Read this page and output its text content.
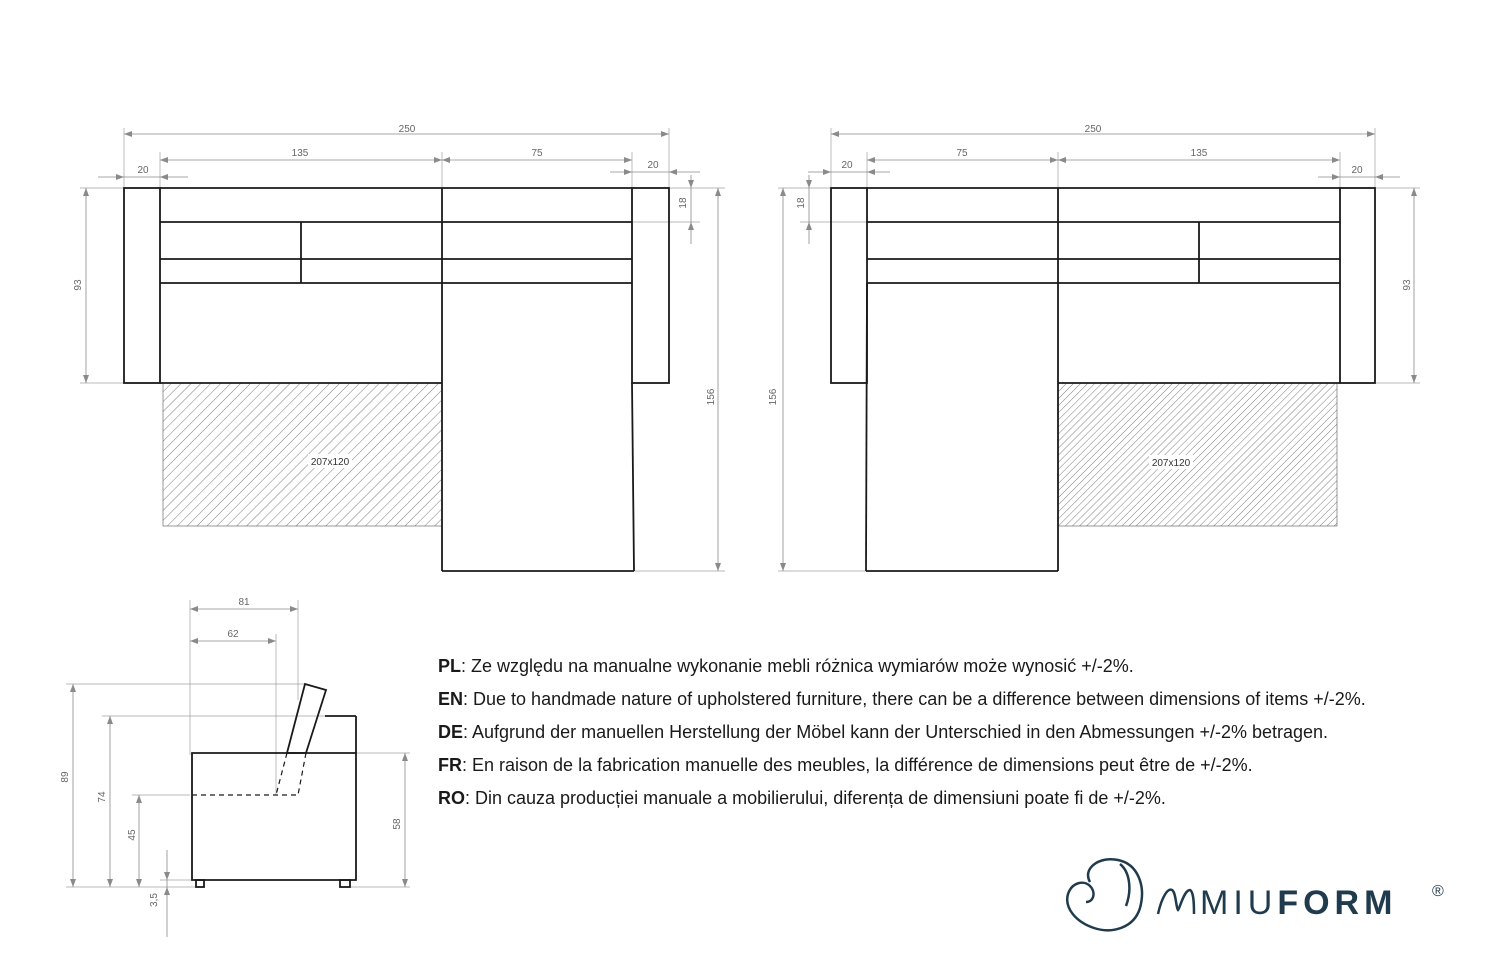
250
135	75
20	20
18
93
156
207x120
250
75	135
20	20
18
93
156
207x120
81
62
89
74
45
3,5
58
PL: Ze względu na manualne wykonanie mebli różnica wymiarów może wynosić +/-2%.
EN: Due to handmade nature of upholstered furniture, there can be a difference between dimensions of items +/-2%.
DE: Aufgrund der manuellen Herstellung der Möbel kann der Unterschied in den Abmessungen +/-2% betragen.
FR: En raison de la fabrication manuelle des meubles, la différence de dimensions peut être de +/-2%.
RO: Din cauza producției manuale a mobilierului, diferența de dimensiuni poate fi de +/-2%.
MIUFORM ®
